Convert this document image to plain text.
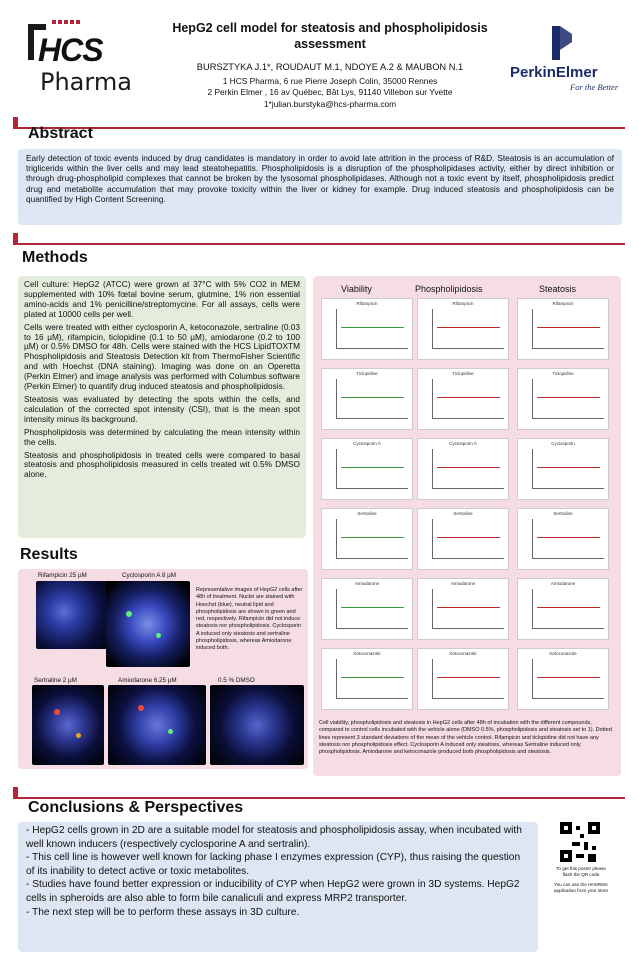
HCS
Pharma
HepG2 cell model for steatosis and phospholipidosis
assessment
BURSZTYKA J.1*, ROUDAUT M.1, NDOYE A.2 & MAUBON N.1
1 HCS Pharma, 6 rue Pierre Joseph Colin, 35000 Rennes
2 Perkin Elmer , 16 av Québec, Bât Lys, 91140 Villebon sur Yvette
1*julian.burstyka@hcs-pharma.com
PerkinElmer
For the Better
Abstract
Early detection of toxic events induced by drug candidates is mandatory in order to avoid late attrition in the process of R&D. Steatosis is an accumulation of triglicerids within the liver cells and may lead steatohepatitis. Phospholipidosis is a disruption of the phospholipidases activity, either by direct inhibition or through drug-phospholipid complexes that cannot be broken by the lysosomal phospholipidases. Although not a toxic event by itself, phospholipidosis predict drug and metabolite accumulation that may provoke toxicity within the liver or kidney for example. Drug induced steatosis and phospholipidosis can be quantified by High Content Screening.
Methods

Cell culture: HepG2 (ATCC) were grown at 37°C with 5% CO2 in MEM supplemented with 10% fœtal bovine serum, glutmine, 1% non essential amino-acids and 1% penicilline/streptomycine. For all assays, cells were plated at 10000 cells per well.

Cells were treated with either cyclosporin A, ketoconazole, sertraline (0.03 to 16 µM), rifampicin, ticlopidine (0.1 to 50 µM), amiodarone (0.2 to 100 µM) or 0.5% DMSO for 48h. Cells were stained with the HCS LipidTOXTM Phospholipidosis and Steatosis Detection kit from ThermoFisher Scientific and with Hoechst (DNA staining). Imaging was done on an Operetta (Perkin Elmer) and image analysis was performed with Columbus software (Perkin Elmer) to quantify drug induced steatosis and phospholipidosis.

Steatosis was evaluated by detecting the spots within the cells, and calculation of the corrected spot intensity (CSI), that is the mean spot intensity minus its background.

Phospholipidosis was determined by calculating the mean intensity within the cells.

Steatosis and phospholipidosis in treated cells were compared to basal steatosis and phospholipidosis measured in cells treated wit 0.5% DMSO alone.

Results
Rifampicin 25 µM	Cyclosporin A 8 µM
Representative images of HepG2 cells after 48h of treatment. Nuclei are stained with Hoechst (blue), neutral lipid and phospholipidosis are shown in green and red, respectively. Rifampicin did not induce steatosis nor phospholipidosis. Cyclosporin A induced only steatosis and sertraline phospholipidosis, whereas Amiodarone induced both.
Sertraline 2 µM	Amiodarone 6.25 µM	0.5 % DMSO
Viability	Phospholipidosis	Steatosis
Rifampicin	Rifampicin	Rifampicin
Ticlopidine	Ticlopidine	Ticlopidine
Cyclosporin A	Cyclosporin A	Cyclosporin
Sertraline	Sertraline	Sertraline
Amiodarone	Amiodarone	Amiodarone
Ketoconazole	Ketoconazole	Ketoconazole
Cell viability, phospholipidosis and steatosis in HepG2 cells after 48h of incubation with the different compounds, compared to control cells incubated with the vehicle alone (DMSO 0.5%, phospholipidosis and steatosis set to 1). Dotted lines represent 3 standard deviations of the mean of the vehicle control. Rifampicin and ticlopidine did not have any steatosis nor phospholipidosis effect. Cyclosporin A induced only steatosis, whereas Sertraline induced only phospholipidosis. Amiodarone and ketoconazole produced both phospholipidosis and steatosis.
Conclusions & Perspectives
- HepG2 cells grown in 2D are a suitable model for steatosis and phospholipidosis assay, when incubated with well known inducers (respectively cyclosporine A and sertralin).
- This cell line is however well known for lacking phase I enzymes expression (CYP), thus raising the question of its inability to detect active or toxic metabolites.
- Studies have found better expression or inducibility of CYP when HepG2 were grown in 3D systems. HepG2 cells in spheroids are also able to form bile canaliculi and express MRP2 transporter.
- The next step will be to perform these assays in 3D culture.
To get this poster please flash the QR code
You can use the HHSRMA application from your store
